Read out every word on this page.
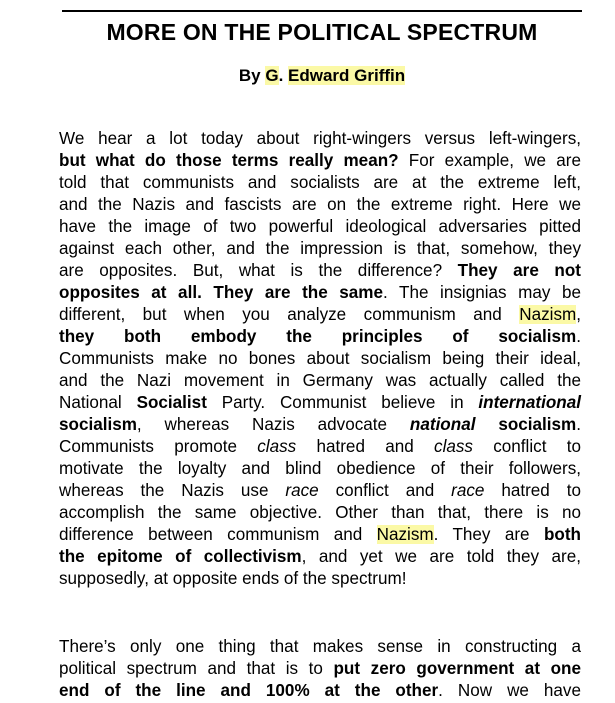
MORE ON THE POLITICAL SPECTRUM
By G. Edward Griffin
We hear a lot today about right-wingers versus left-wingers,
but what do those terms really mean? For example, we are
told that communists and socialists are at the extreme left,
and the Nazis and fascists are on the extreme right. Here we
have the image of two powerful ideological adversaries pitted
against each other, and the impression is that, somehow, they
are opposites. But, what is the difference? They are not
opposites at all. They are the same. The insignias may be
different, but when you analyze communism and Nazism,
they both embody the principles of socialism.
Communists make no bones about socialism being their ideal,
and the Nazi movement in Germany was actually called the
National Socialist Party. Communist believe in international
socialism, whereas Nazis advocate national socialism.
Communists promote class hatred and class conflict to
motivate the loyalty and blind obedience of their followers,
whereas the Nazis use race conflict and race hatred to
accomplish the same objective. Other than that, there is no
difference between communism and Nazism. They are both
the epitome of collectivism, and yet we are told they are,
supposedly, at opposite ends of the spectrum!
There’s only one thing that makes sense in constructing a
political spectrum and that is to put zero government at one
end of the line and 100% at the other. Now we have
